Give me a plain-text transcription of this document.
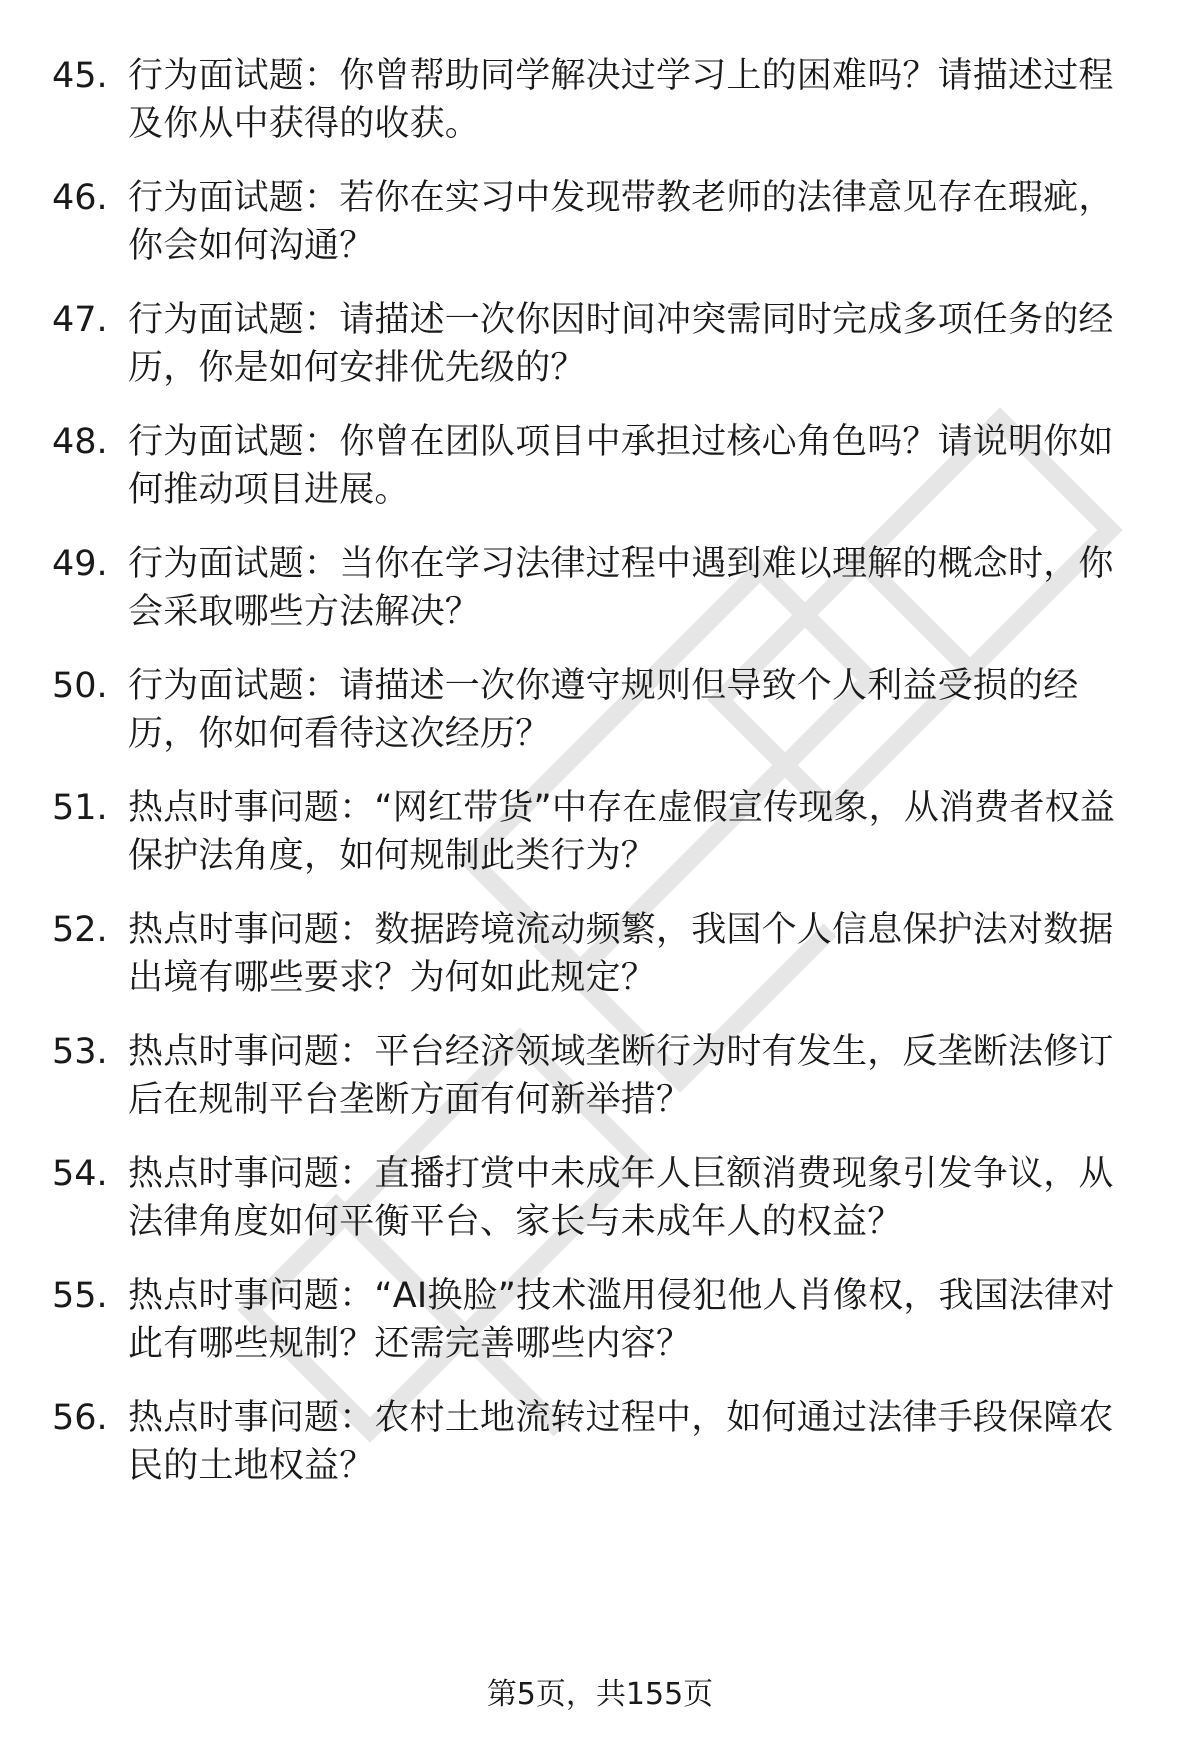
45. 行为面试题：你曾帮助同学解决过学习上的困难吗？请描述过程及你从中获得的收获。
46. 行为面试题：若你在实习中发现带教老师的法律意见存在瑕疵，你会如何沟通？
47. 行为面试题：请描述一次你因时间冲突需同时完成多项任务的经历，你是如何安排优先级的？
48. 行为面试题：你曾在团队项目中承担过核心角色吗？请说明你如何推动项目进展。
49. 行为面试题：当你在学习法律过程中遇到难以理解的概念时，你会采取哪些方法解决？
50. 行为面试题：请描述一次你遵守规则但导致个人利益受损的经历，你如何看待这次经历？
51. 热点时事问题：“网红带货”中存在虚假宣传现象，从消费者权益保护法角度，如何规制此类行为？
52. 热点时事问题：数据跨境流动频繁，我国个人信息保护法对数据出境有哪些要求？为何如此规定？
53. 热点时事问题：平台经济领域垄断行为时有发生，反垄断法修订后在规制平台垄断方面有何新举措？
54. 热点时事问题：直播打赏中未成年人巨额消费现象引发争议，从法律角度如何平衡平台、家长与未成年人的权益？
55. 热点时事问题：“AI换脸”技术滥用侵犯他人肖像权，我国法律对此有哪些规制？还需完善哪些内容？
56. 热点时事问题：农村土地流转过程中，如何通过法律手段保障农民的土地权益？
第5页，共155页
